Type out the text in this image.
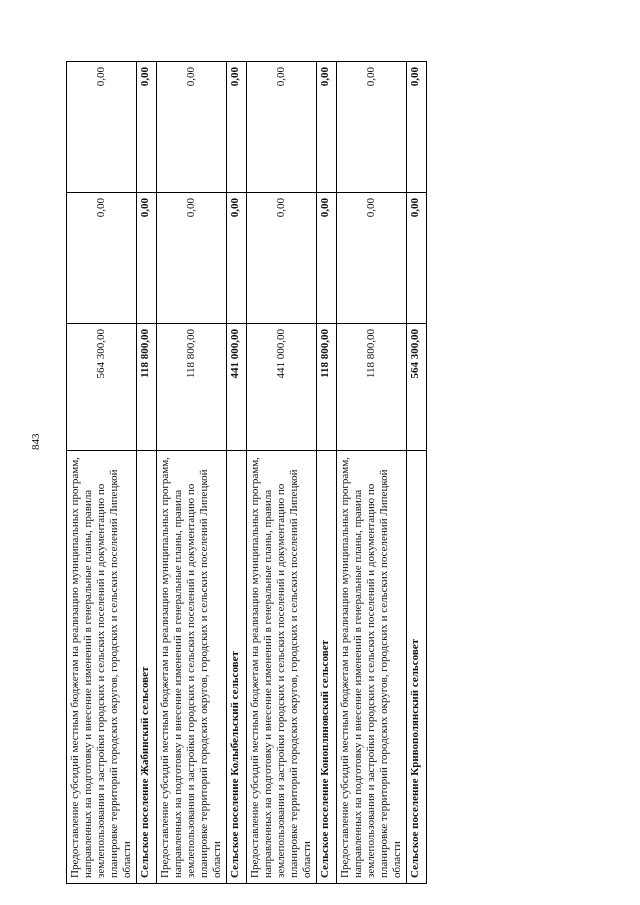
843
Предоставление субсидий местным бюджетам на реализацию муниципальных программ, направленных на подготовку и внесение изменений в генеральные планы, правила землепользования и застройки городских и сельских поселений и документацию по планировке территорий городских округов, городских и сельских поселений Липецкой области	564 300,00	0,00	0,00
Сельское поселение Жабинский сельсовет	118 800,00	0,00	0,00
Предоставление субсидий местным бюджетам на реализацию муниципальных программ, направленных на подготовку и внесение изменений в генеральные планы, правила землепользования и застройки городских и сельских поселений и документацию по планировке территорий городских округов, городских и сельских поселений Липецкой области	118 800,00	0,00	0,00
Сельское поселение Колыбельский сельсовет	441 000,00	0,00	0,00
Предоставление субсидий местным бюджетам на реализацию муниципальных программ, направленных на подготовку и внесение изменений в генеральные планы, правила землепользования и застройки городских и сельских поселений и документацию по планировке территорий городских округов, городских и сельских поселений Липецкой области	441 000,00	0,00	0,00
Сельское поселение Конопляновский сельсовет	118 800,00	0,00	0,00
Предоставление субсидий местным бюджетам на реализацию муниципальных программ, направленных на подготовку и внесение изменений в генеральные планы, правила землепользования и застройки городских и сельских поселений и документацию по планировке территорий городских округов, городских и сельских поселений Липецкой области	118 800,00	0,00	0,00
Сельское поселение Кривополянский сельсовет	564 300,00	0,00	0,00
